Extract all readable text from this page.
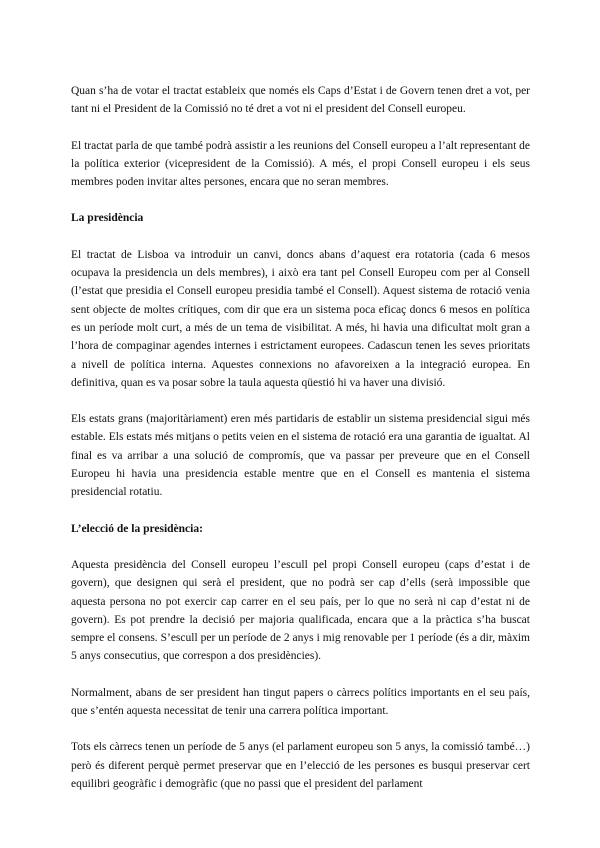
Quan s’ha de votar el tractat estableix que només els Caps d’Estat i de Govern tenen dret a vot, per tant ni el President de la Comissió no té dret a vot ni el president del Consell europeu.

El tractat parla de que també podrà assistir a les reunions del Consell europeu a l’alt representant de la política exterior (vicepresident de la Comissió). A més, el propi Consell europeu i els seus membres poden invitar altes persones, encara que no seran membres.

La presidència

El tractat de Lisboa va introduir un canvi, doncs abans d’aquest era rotatoria (cada 6 mesos ocupava la presidencia un dels membres), i això era tant pel Consell Europeu com per al Consell (l’estat que presidia el Consell europeu presidia també el Consell). Aquest sistema de rotació venia sent objecte de moltes crítiques, com dir que era un sistema poca eficaç doncs 6 mesos en política es un període molt curt, a més de un tema de visibilitat. A més, hi havia una dificultat molt gran a l’hora de compaginar agendes internes i estrictament europees. Cadascun tenen les seves prioritats a nivell de política interna. Aquestes connexions no afavoreixen a la integració europea. En definitiva, quan es va posar sobre la taula aquesta qüestió hi va haver una divisió.

Els estats grans (majoritàriament) eren més partidaris de establir un sistema presidencial sigui més estable. Els estats més mitjans o petits veien en el sistema de rotació era una garantia de igualtat. Al final es va arribar a una solució de compromís, que va passar per preveure que en el Consell Europeu hi havia una presidencia estable mentre que en el Consell es mantenia el sistema presidencial rotatiu.

L’elecció de la presidència:

Aquesta presidència del Consell europeu l’escull pel propi Consell europeu (caps d’estat i de govern), que designen qui serà el president, que no podrà ser cap d’ells (serà impossible que aquesta persona no pot exercir cap carrer en el seu país, per lo que no serà ni cap d’estat ni de govern). Es pot prendre la decisió per majoria qualificada, encara que a la pràctica s’ha buscat sempre el consens. S’escull per un període de 2 anys i mig renovable per 1 període (és a dir, màxim 5 anys consecutius, que correspon a dos presidències).

Normalment, abans de ser president han tingut papers o càrrecs polítics importants en el seu país, que s’entén aquesta necessitat de tenir una carrera política important.

Tots els càrrecs tenen un període de 5 anys (el parlament europeu son 5 anys, la comissió també…) però és diferent perquè permet preservar que en l’elecció de les persones es busqui preservar cert equilibri geogràfic i demogràfic (que no passi que el president del parlament
